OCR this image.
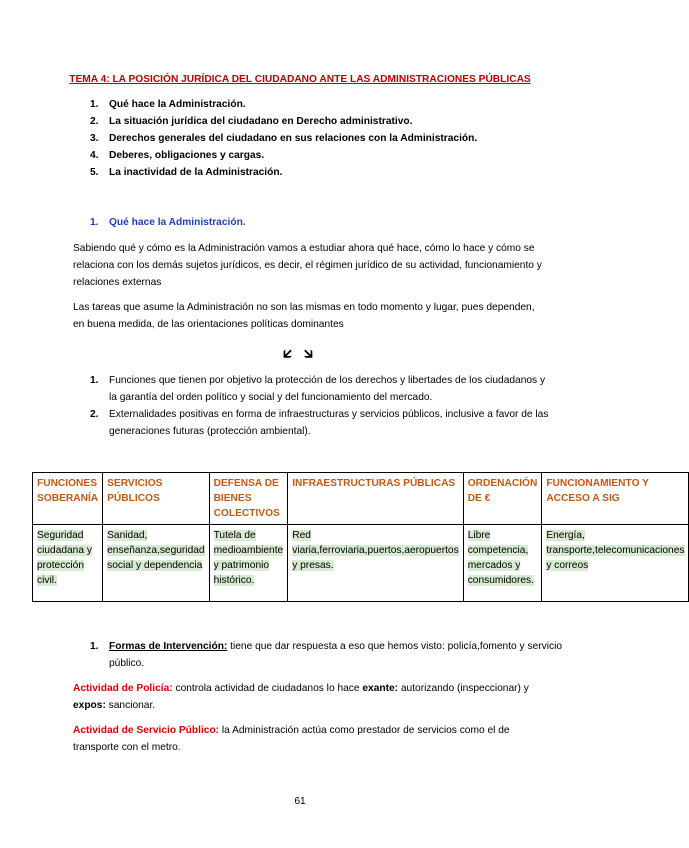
TEMA 4: LA POSICIÓN JURÍDICA DEL CIUDADANO ANTE LAS ADMINISTRACIONES PÚBLICAS
1. Qué hace la Administración.
2. La situación jurídica del ciudadano en Derecho administrativo.
3. Derechos generales del ciudadano en sus relaciones con la Administración.
4. Deberes, obligaciones y cargas.
5. La inactividad de la Administración.
1. Qué hace la Administración.
Sabiendo qué y cómo es la Administración vamos a estudiar ahora qué hace, cómo lo hace y cómo se relaciona con los demás sujetos jurídicos, es decir, el régimen jurídico de su actividad, funcionamiento y relaciones externas
Las tareas que asume la Administración no son las mismas en todo momento y lugar, pues dependen, en buena medida, de las orientaciones políticas dominantes
🡯 🡮
1. Funciones que tienen por objetivo la protección de los derechos y libertades de los ciudadanos y la garantía del orden político y social y del funcionamiento del mercado.
2. Externalidades positivas en forma de infraestructuras y servicios públicos, inclusive a favor de las generaciones futuras (protección ambiental).
FUNCIONES SOBERANÍA	SERVICIOS PÚBLICOS	DEFENSA DE BIENES COLECTIVOS	INFRAESTRUCTURAS PÚBLICAS	ORDENACIÓN DE €	FUNCIONAMIENTO Y ACCESO A SIG
Seguridad ciudadana y protección civil.	Sanidad, enseñanza,seguridad social y dependencia	Tutela de medioambiente y patrimonio histórico.	Red viaria,ferroviaria,puertos,aeropuertos y presas.	Libre competencia, mercados y consumidores.	Energía, transporte,telecomunicaciones y correos
1. Formas de Intervención: tiene que dar respuesta a eso que hemos visto: policía,fomento y servicio público.
Actividad de Policía: controla actividad de ciudadanos lo hace exante: autorizando (inspeccionar) y expos: sancionar.
Actividad de Servicio Público: la Administración actúa como prestador de servicios como el de transporte con el metro.
61
